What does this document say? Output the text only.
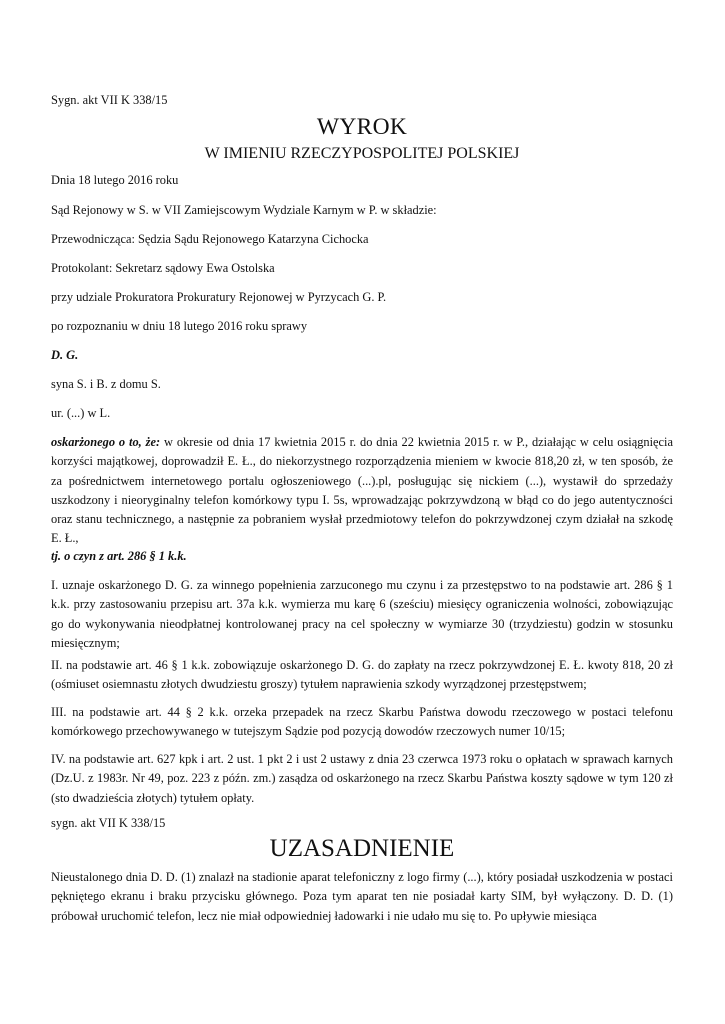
Sygn. akt VII K 338/15

WYROK
W IMIENIU RZECZYPOSPOLITEJ POLSKIEJ

Dnia 18 lutego 2016 roku

Sąd Rejonowy w S. w VII Zamiejscowym Wydziale Karnym w P. w składzie:

Przewodnicząca: Sędzia Sądu Rejonowego Katarzyna Cichocka

Protokolant: Sekretarz sądowy Ewa Ostolska

przy udziale Prokuratora Prokuratury Rejonowej w Pyrzycach G. P.

po rozpoznaniu w dniu 18 lutego 2016 roku sprawy

D. G.

syna S. i B. z domu S.

ur. (...) w L.

oskarżonego o to, że: w okresie od dnia 17 kwietnia 2015 r. do dnia 22 kwietnia 2015 r. w P., działając w celu osiągnięcia korzyści majątkowej, doprowadził E. Ł., do niekorzystnego rozporządzenia mieniem w kwocie 818,20 zł, w ten sposób, że za pośrednictwem internetowego portalu ogłoszeniowego (...).pl, posługując się nickiem (...), wystawił do sprzedaży uszkodzony i nieoryginalny telefon komórkowy typu I. 5s, wprowadzając pokrzywdzoną w błąd co do jego autentyczności oraz stanu technicznego, a następnie za pobraniem wysłał przedmiotowy telefon do pokrzywdzonej czym działał na szkodę E. Ł.,

tj. o czyn z art. 286 § 1 k.k.

I. uznaje oskarżonego D. G. za winnego popełnienia zarzuconego mu czynu i za przestępstwo to na podstawie art. 286 § 1 k.k. przy zastosowaniu przepisu art. 37a k.k. wymierza mu karę 6 (sześciu) miesięcy ograniczenia wolności, zobowiązując go do wykonywania nieodpłatnej kontrolowanej pracy na cel społeczny w wymiarze 30 (trzydziestu) godzin w stosunku miesięcznym;

II. na podstawie art. 46 § 1 k.k. zobowiązuje oskarżonego D. G. do zapłaty na rzecz pokrzywdzonej E. Ł. kwoty 818, 20 zł (ośmiuset osiemnastu złotych dwudziestu groszy) tytułem naprawienia szkody wyrządzonej przestępstwem;

III. na podstawie art. 44 § 2 k.k. orzeka przepadek na rzecz Skarbu Państwa dowodu rzeczowego w postaci telefonu komórkowego przechowywanego w tutejszym Sądzie pod pozycją dowodów rzeczowych numer 10/15;

IV. na podstawie art. 627 kpk i art. 2 ust. 1 pkt 2 i ust 2 ustawy z dnia 23 czerwca 1973 roku o opłatach w sprawach karnych (Dz.U. z 1983r. Nr 49, poz. 223 z późn. zm.) zasądza od oskarżonego na rzecz Skarbu Państwa koszty sądowe w tym 120 zł (sto dwadzieścia złotych) tytułem opłaty.

sygn. akt VII K 338/15

UZASADNIENIE

Nieustalonego dnia D. D. (1) znalazł na stadionie aparat telefoniczny z logo firmy (...), który posiadał uszkodzenia w postaci pękniętego ekranu i braku przycisku głównego. Poza tym aparat ten nie posiadał karty SIM, był wyłączony. D. D. (1) próbował uruchomić telefon, lecz nie miał odpowiedniej ładowarki i nie udało mu się to. Po upływie miesiąca
